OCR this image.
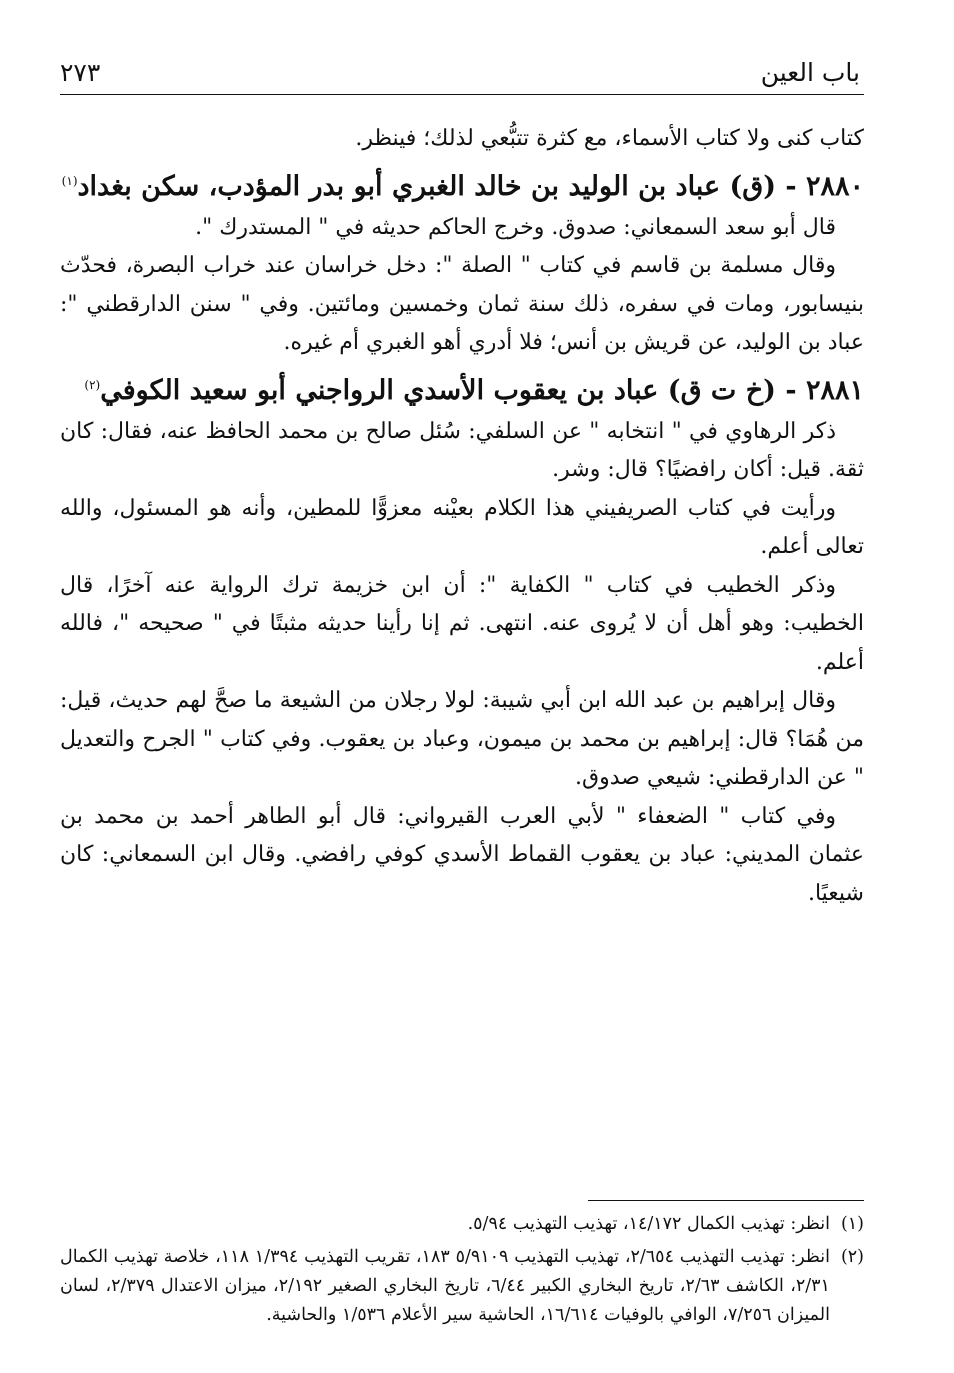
باب العين
٢٧٣

كتاب كنى ولا كتاب الأسماء، مع كثرة تتبُّعي لذلك؛ فينظر.

٢٨٨٠ - (ق) عباد بن الوليد بن خالد الغبري أبو بدر المؤدب، سكن بغداد$^{(١)}$

قال أبو سعد السمعاني: صدوق. وخرج الحاكم حديثه في " المستدرك ".

وقال مسلمة بن قاسم في كتاب " الصلة ": دخل خراسان عند خراب البصرة، فحدّث بنيسابور، ومات في سفره، ذلك سنة ثمان وخمسين ومائتين. وفي " سنن الدارقطني ": عباد بن الوليد، عن قريش بن أنس؛ فلا أدري أهو الغبري أم غيره.

٢٨٨١ - (خ ت ق) عباد بن يعقوب الأسدي الرواجني أبو سعيد الكوفي$^{(٢)}$

ذكر الرهاوي في " انتخابه " عن السلفي: سُئل صالح بن محمد الحافظ عنه، فقال: كان ثقة. قيل: أكان رافضيًا؟ قال: وشر.

ورأيت في كتاب الصريفيني هذا الكلام بعيْنه معزوًّا للمطين، وأنه هو المسئول، والله تعالى أعلم.

وذكر الخطيب في كتاب " الكفاية ": أن ابن خزيمة ترك الرواية عنه آخرًا، قال الخطيب: وهو أهل أن لا يُروى عنه. انتهى. ثم إنا رأينا حديثه مثبتًا في " صحيحه "، فالله أعلم.

وقال إبراهيم بن عبد الله ابن أبي شيبة: لولا رجلان من الشيعة ما صحَّ لهم حديث، قيل: من هُمَا؟ قال: إبراهيم بن محمد بن ميمون، وعباد بن يعقوب. وفي كتاب " الجرح والتعديل " عن الدارقطني: شيعي صدوق.

وفي كتاب " الضعفاء " لأبي العرب القيرواني: قال أبو الطاهر أحمد بن محمد بن عثمان المديني: عباد بن يعقوب القماط الأسدي كوفي رافضي. وقال ابن السمعاني: كان شيعيًا.

(١)
انظر: تهذيب الكمال ١٤/١٧٢، تهذيب التهذيب ٥/٩٤.
(٢)
انظر: تهذيب التهذيب ٢/٦٥٤، تهذيب التهذيب ٥/٩١٠٩ ١٨٣، تقريب التهذيب ١/٣٩٤ ١١٨، خلاصة تهذيب الكمال ٢/٣١، الكاشف ٢/٦٣، تاريخ البخاري الكبير ٦/٤٤، تاريخ البخاري الصغير ٢/١٩٢، ميزان الاعتدال ٢/٣٧٩، لسان الميزان ٧/٢٥٦، الوافي بالوفيات ١٦/٦١٤، الحاشية سير الأعلام ١/٥٣٦ والحاشية.
